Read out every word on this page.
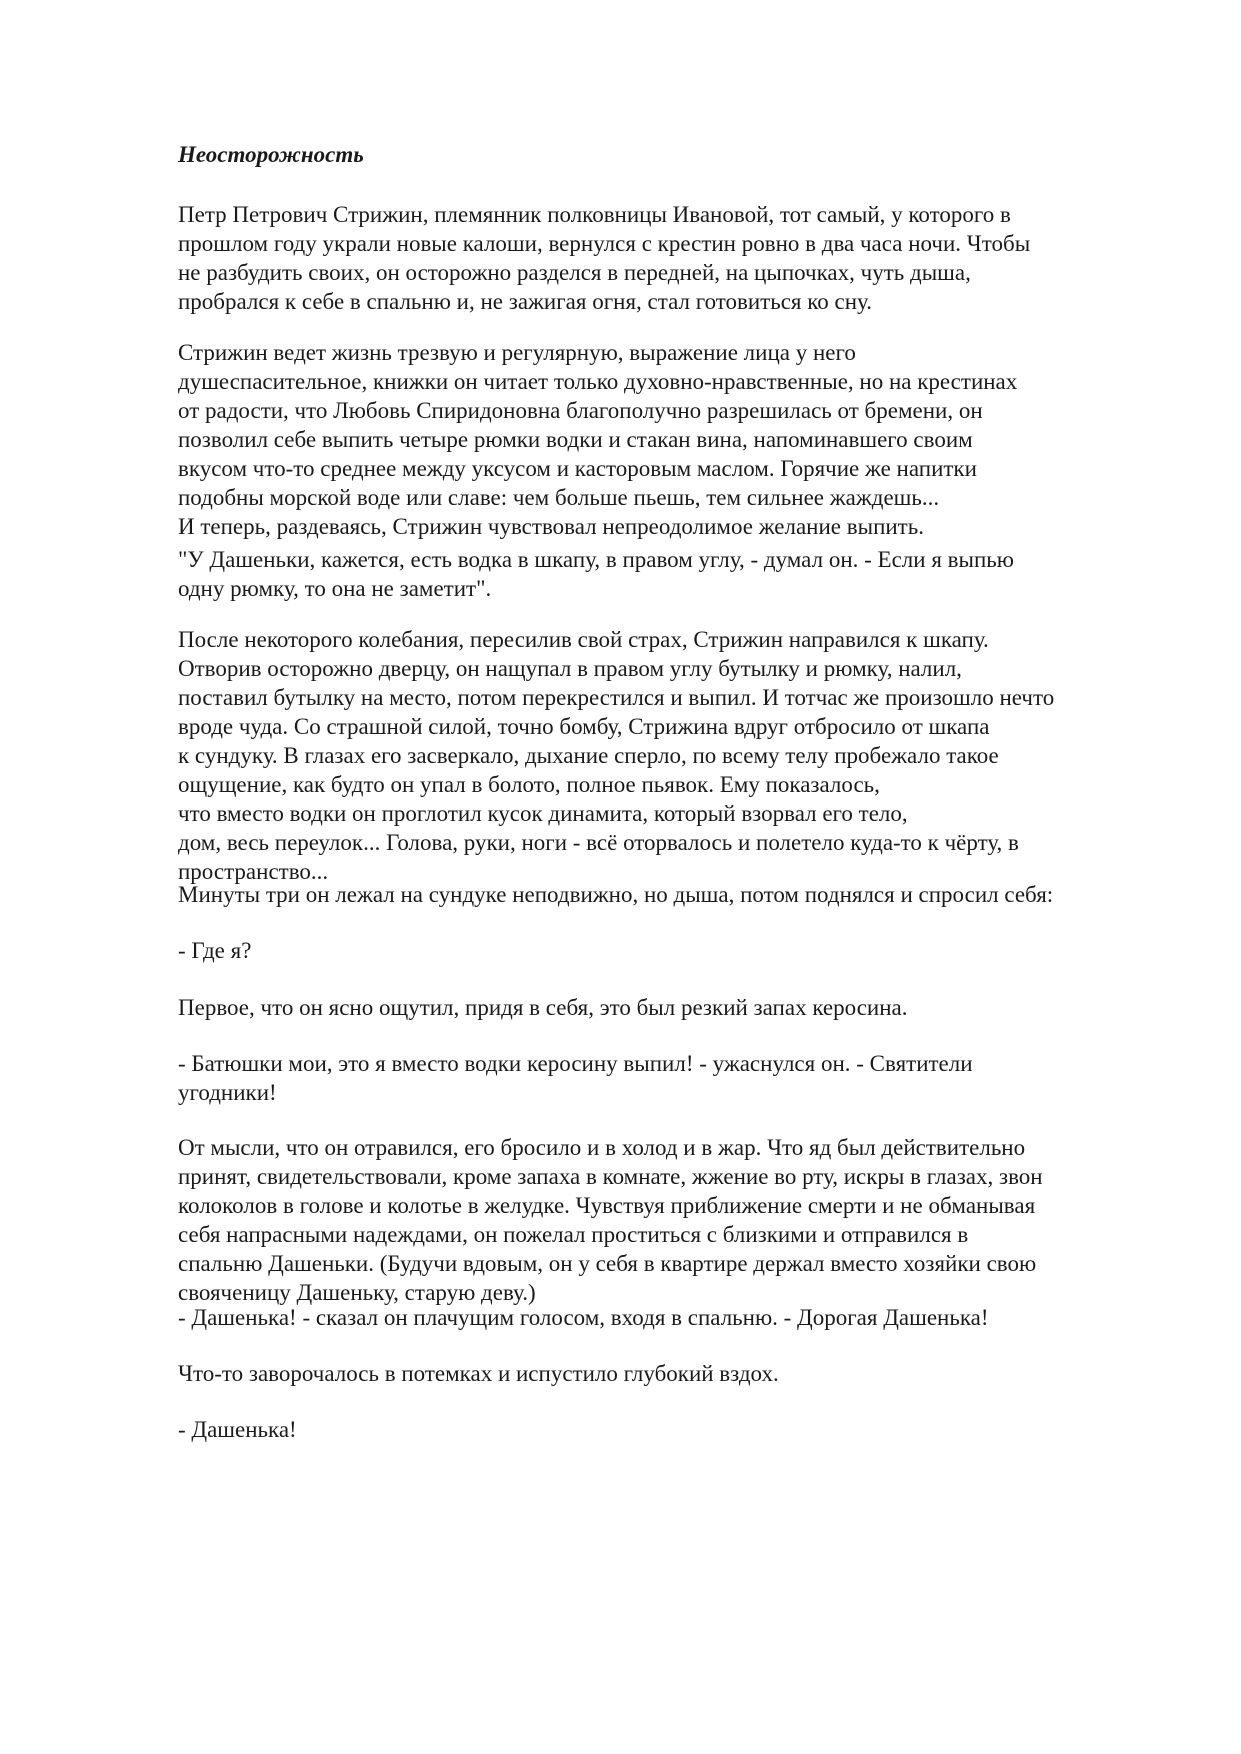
Неосторожность
Петр Петрович Стрижин, племянник полковницы Ивановой, тот самый, у которого в
прошлом году украли новые калоши, вернулся с крестин ровно в два часа ночи. Чтобы
не разбудить своих, он осторожно разделся в передней, на цыпочках, чуть дыша,
пробрался к себе в спальню и, не зажигая огня, стал готовиться ко сну.
Стрижин ведет жизнь трезвую и регулярную, выражение лица у него
душеспасительное, книжки он читает только духовно-нравственные, но на крестинах
от радости, что Любовь Спиридоновна благополучно разрешилась от бремени, он
позволил себе выпить четыре рюмки водки и стакан вина, напоминавшего своим
вкусом что-то среднее между уксусом и касторовым маслом. Горячие же напитки
подобны морской воде или славе: чем больше пьешь, тем сильнее жаждешь...
И теперь, раздеваясь, Стрижин чувствовал непреодолимое желание выпить.
"У Дашеньки, кажется, есть водка в шкапу, в правом углу, - думал он. - Если я выпью
одну рюмку, то она не заметит".
После некоторого колебания, пересилив свой страх, Стрижин направился к шкапу.
Отворив осторожно дверцу, он нащупал в правом углу бутылку и рюмку, налил,
поставил бутылку на место, потом перекрестился и выпил. И тотчас же произошло нечто
вроде чуда. Со страшной силой, точно бомбу, Стрижина вдруг отбросило от шкапа
к сундуку. В глазах его засверкало, дыхание сперло, по всему телу пробежало такое
ощущение, как будто он упал в болото, полное пьявок. Ему показалось,
что вместо водки он проглотил кусок динамита, который взорвал его тело,
дом, весь переулок... Голова, руки, ноги - всё оторвалось и полетело куда-то к чёрту, в
пространство...
Минуты три он лежал на сундуке неподвижно, но дыша, потом поднялся и спросил себя:
- Где я?
Первое, что он ясно ощутил, придя в себя, это был резкий запах керосина.
- Батюшки мои, это я вместо водки керосину выпил! - ужаснулся он. - Святители
угодники!
От мысли, что он отравился, его бросило и в холод и в жар. Что яд был действительно
принят, свидетельствовали, кроме запаха в комнате, жжение во рту, искры в глазах, звон
колоколов в голове и колотье в желудке. Чувствуя приближение смерти и не обманывая
себя напрасными надеждами, он пожелал проститься с близкими и отправился в
спальню Дашеньки. (Будучи вдовым, он у себя в квартире держал вместо хозяйки свою
свояченицу Дашеньку, старую деву.)
- Дашенька! - сказал он плачущим голосом, входя в спальню. - Дорогая Дашенька!
Что-то заворочалось в потемках и испустило глубокий вздох.
- Дашенька!
